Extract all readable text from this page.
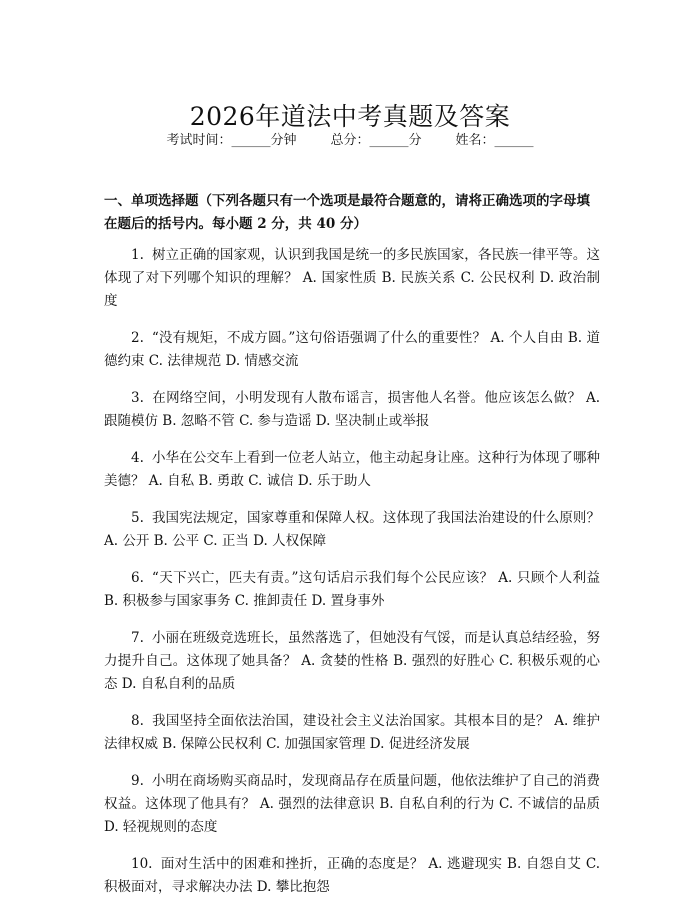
2026年道法中考真题及答案
考试时间：______分钟	总分：______分	姓名：______
一、单项选择题（下列各题只有一个选项是最符合题意的，请将正确选项的字母填在题后的括号内。每小题 2 分，共 40 分）
1. 树立正确的国家观，认识到我国是统一的多民族国家，各民族一律平等。这体现了对下列哪个知识的理解？ A. 国家性质 B. 民族关系 C. 公民权利 D. 政治制度
2. “没有规矩，不成方圆。”这句俗语强调了什么的重要性？ A. 个人自由 B. 道德约束 C. 法律规范 D. 情感交流
3. 在网络空间，小明发现有人散布谣言，损害他人名誉。他应该怎么做？ A. 跟随模仿 B. 忽略不管 C. 参与造谣 D. 坚决制止或举报
4. 小华在公交车上看到一位老人站立，他主动起身让座。这种行为体现了哪种美德？ A. 自私 B. 勇敢 C. 诚信 D. 乐于助人
5. 我国宪法规定，国家尊重和保障人权。这体现了我国法治建设的什么原则？ A. 公开 B. 公平 C. 正当 D. 人权保障
6. “天下兴亡，匹夫有责。”这句话启示我们每个公民应该？ A. 只顾个人利益 B. 积极参与国家事务 C. 推卸责任 D. 置身事外
7. 小丽在班级竞选班长，虽然落选了，但她没有气馁，而是认真总结经验，努力提升自己。这体现了她具备？ A. 贪婪的性格 B. 强烈的好胜心 C. 积极乐观的心态 D. 自私自利的品质
8. 我国坚持全面依法治国，建设社会主义法治国家。其根本目的是？ A. 维护法律权威 B. 保障公民权利 C. 加强国家管理 D. 促进经济发展
9. 小明在商场购买商品时，发现商品存在质量问题，他依法维护了自己的消费权益。这体现了他具有？ A. 强烈的法律意识 B. 自私自利的行为 C. 不诚信的品质 D. 轻视规则的态度
10. 面对生活中的困难和挫折，正确的态度是？ A. 逃避现实 B. 自怨自艾 C. 积极面对，寻求解决办法 D. 攀比抱怨
